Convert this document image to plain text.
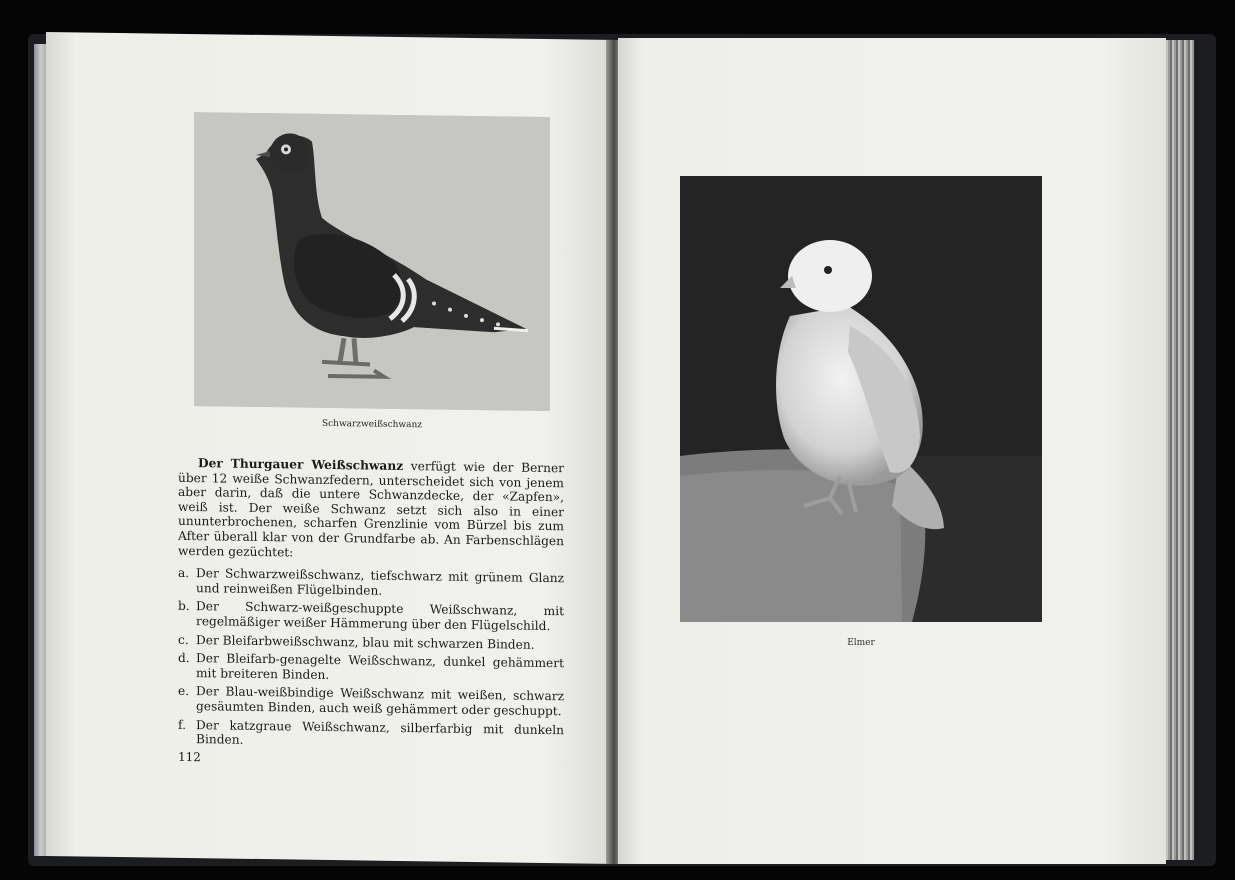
Schwarzweißschwanz

Der Thurgauer Weißschwanz verfügt wie der Berner über 12 weiße Schwanzfedern, unterscheidet sich von jenem aber darin, daß die untere Schwanzdecke, der «Zapfen», weiß ist. Der weiße Schwanz setzt sich also in einer ununterbrochenen, scharfen Grenzlinie vom Bürzel bis zum After überall klar von der Grundfarbe ab. An Farbenschlägen werden gezüchtet:

a. Der Schwarzweißschwanz, tiefschwarz mit grünem Glanz und reinweißen Flügelbinden.
b. Der Schwarz-weißgeschuppte Weißschwanz, mit regelmäßiger weißer Hämmerung über den Flügelschild.
c. Der Bleifarbweißschwanz, blau mit schwarzen Binden.
d. Der Bleifarb-genagelte Weißschwanz, dunkel gehämmert mit breiteren Binden.
e. Der Blau-weißbindige Weißschwanz mit weißen, schwarz gesäumten Binden, auch weiß gehämmert oder geschuppt.
f. Der katzgraue Weißschwanz, silberfarbig mit dunkeln Binden.
112
Elmer
